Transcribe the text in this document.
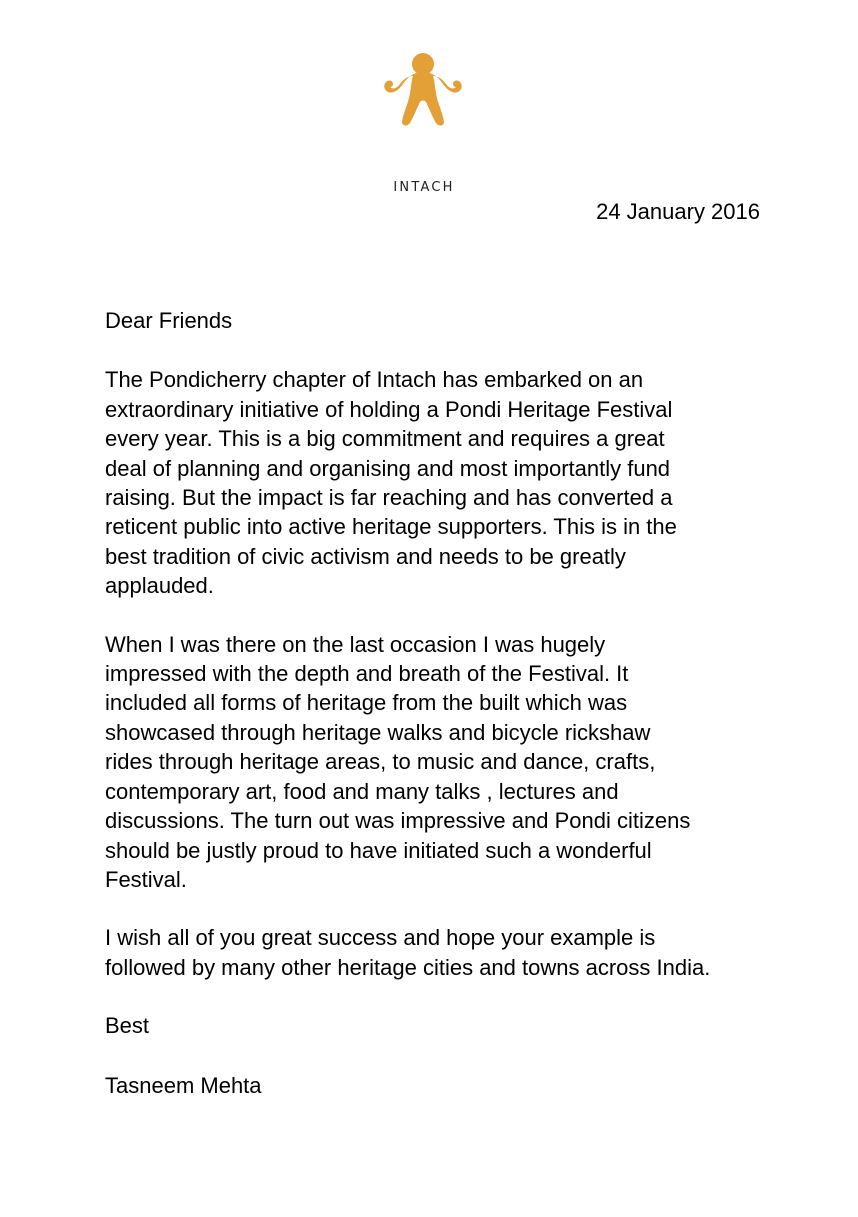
INTACH
24 January 2016

Dear Friends

The Pondicherry chapter of Intach has embarked on an
extraordinary initiative of holding a Pondi Heritage Festival
every year. This is a big commitment and requires a great
deal of planning and organising and most importantly fund
raising. But the impact is far reaching and has converted a
reticent public into active heritage supporters. This is in the
best tradition of civic activism and needs to be greatly
applauded.

When I was there on the last occasion I was hugely
impressed with the depth and breath of the Festival. It
included all forms of heritage from the built which was
showcased through heritage walks and bicycle rickshaw
rides through heritage areas, to music and dance, crafts,
contemporary art, food and many talks , lectures and
discussions. The turn out was impressive and Pondi citizens
should be justly proud to have initiated such a wonderful
Festival.

I wish all of you great success and hope your example is
followed by many other heritage cities and towns across India.

Best

Tasneem Mehta
